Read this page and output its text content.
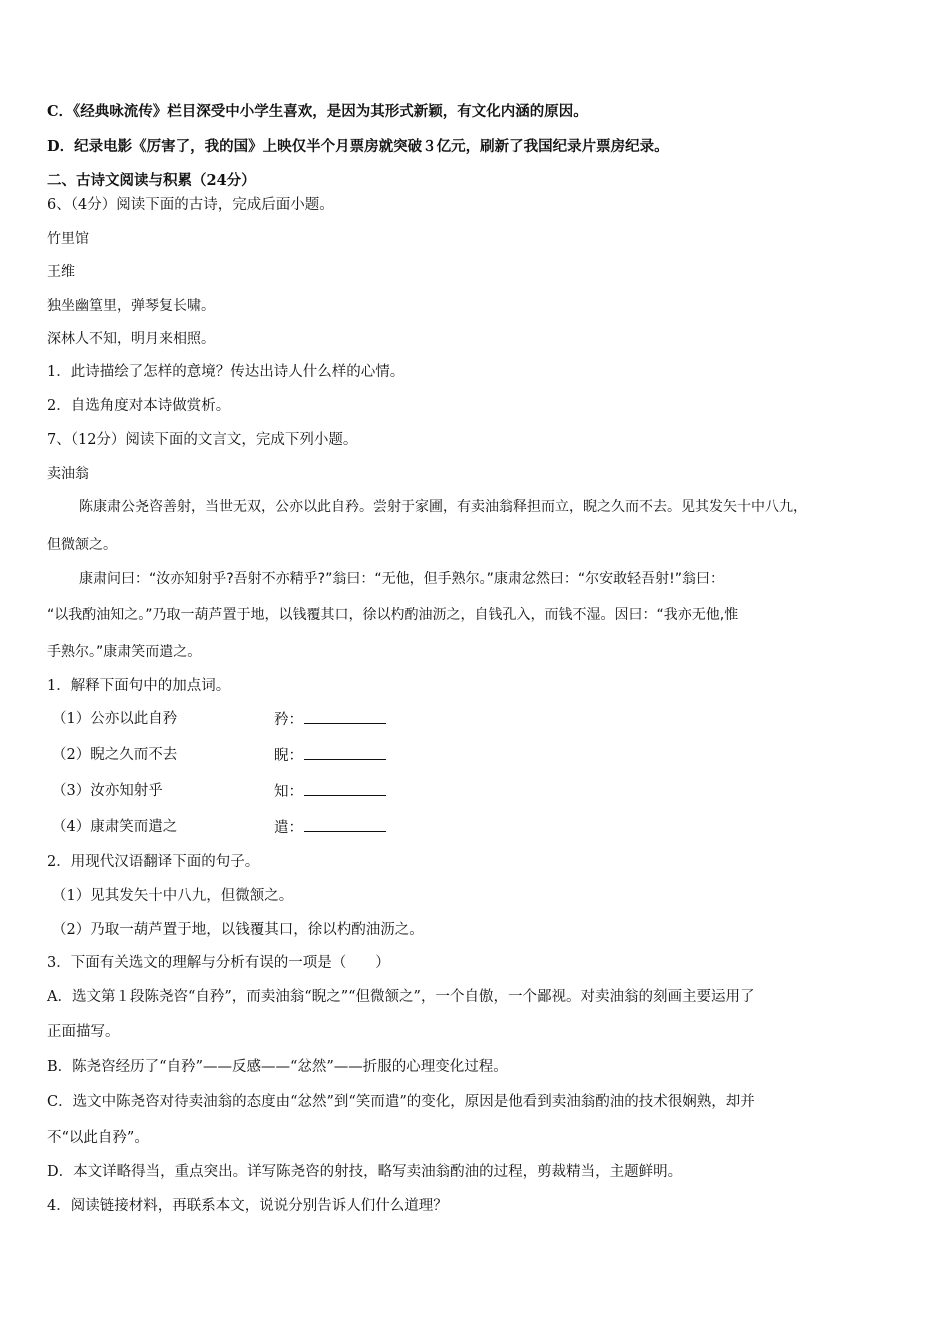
C．《经典咏流传》栏目深受中小学生喜欢，是因为其形式新颖，有文化内涵的原因。
D．纪录电影《厉害了，我的国》上映仅半个月票房就突破３亿元，刷新了我国纪录片票房纪录。
二、古诗文阅读与积累（24分）
6、（4分）阅读下面的古诗，完成后面小题。
竹里馆
王维
独坐幽篁里，弹琴复长啸。
深林人不知，明月来相照。
1．此诗描绘了怎样的意境？传达出诗人什么样的心情。
2．自选角度对本诗做赏析。
7、（12分）阅读下面的文言文，完成下列小题。
卖油翁
陈康肃公尧咨善射，当世无双，公亦以此自矜。尝射于家圃，有卖油翁释担而立，睨之久而不去。见其发矢十中八九，
但微颔之。
康肃问曰：“汝亦知射乎?吾射不亦精乎?”翁曰：“无他，但手熟尔。”康肃忿然曰：“尔安敢轻吾射!”翁曰：
“以我酌油知之。”乃取一葫芦置于地，以钱覆其口，徐以杓酌油沥之，自钱孔入，而钱不湿。因曰：“我亦无他,惟
手熟尔。”康肃笑而遣之。
1．解释下面句中的加点词。
（1）公亦以此自矜	矜：
（2）睨之久而不去	睨：
（3）汝亦知射乎	知：
（4）康肃笑而遣之	遣：
2．用现代汉语翻译下面的句子。
（1）见其发矢十中八九，但微颔之。
（2）乃取一葫芦置于地，以钱覆其口，徐以杓酌油沥之。
3．下面有关选文的理解与分析有误的一项是（　　）
A．选文第１段陈尧咨“自矜”，而卖油翁“睨之”“但微颔之”，一个自傲，一个鄙视。对卖油翁的刻画主要运用了
正面描写。
B．陈尧咨经历了“自矜”——反感——“忿然”——折服的心理变化过程。
C．选文中陈尧咨对待卖油翁的态度由“忿然”到“笑而遣”的变化，原因是他看到卖油翁酌油的技术很娴熟，却并
不“以此自矜”。
D．本文详略得当，重点突出。详写陈尧咨的射技，略写卖油翁酌油的过程，剪裁精当，主题鲜明。
4．阅读链接材料，再联系本文，说说分别告诉人们什么道理？
